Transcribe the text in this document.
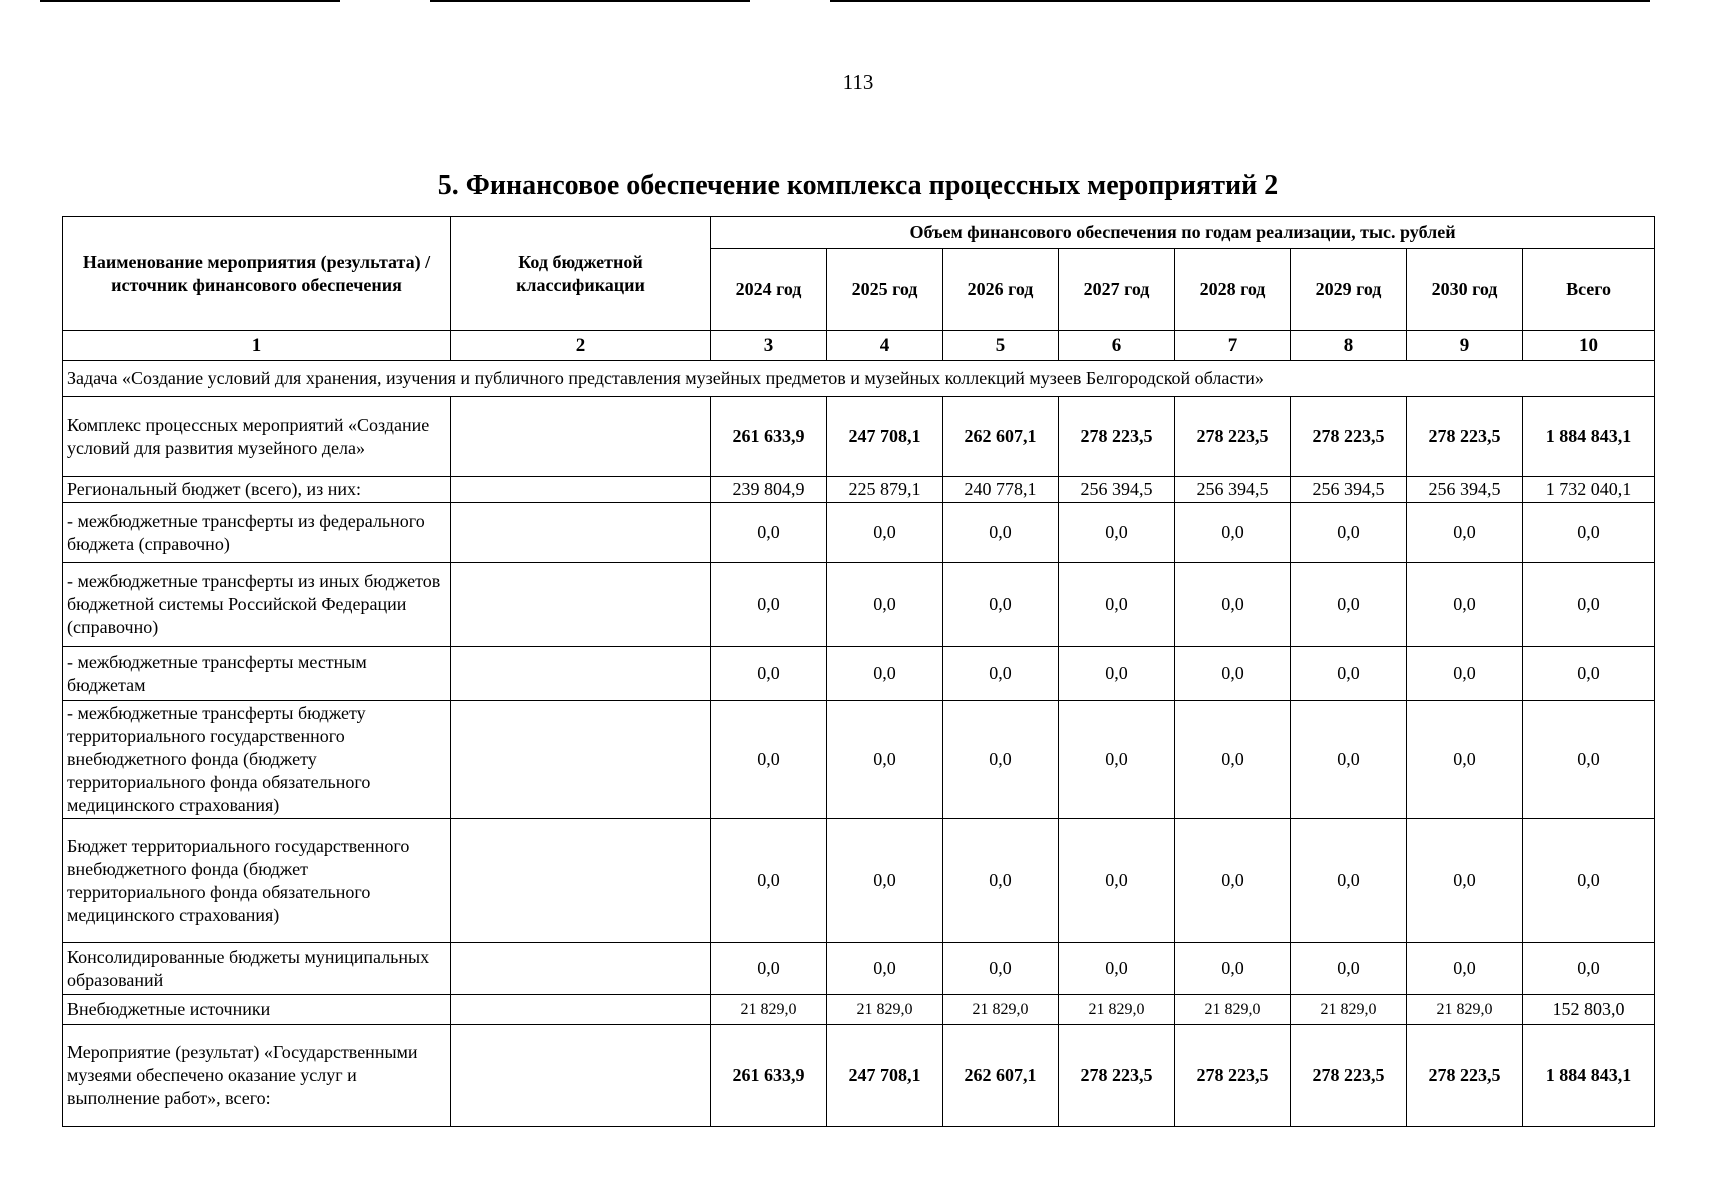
113
5. Финансовое обеспечение комплекса процессных мероприятий 2
Наименование мероприятия (результата) / источник финансового обеспечения	Код бюджетной классификации	Объем финансового обеспечения по годам реализации, тыс. рублей							
		2024 год	2025 год	2026 год	2027 год	2028 год	2029 год	2030 год	Всего
1	2	3	4	5	6	7	8	9	10
Задача «Создание условий для хранения, изучения и публичного представления музейных предметов и музейных коллекций музеев Белгородской области»									
Комплекс процессных мероприятий «Создание условий для развития музейного дела»		261 633,9	247 708,1	262 607,1	278 223,5	278 223,5	278 223,5	278 223,5	1 884 843,1
Региональный бюджет (всего), из них:		239 804,9	225 879,1	240 778,1	256 394,5	256 394,5	256 394,5	256 394,5	1 732 040,1
- межбюджетные трансферты из федерального бюджета (справочно)		0,0	0,0	0,0	0,0	0,0	0,0	0,0	0,0
- межбюджетные трансферты из иных бюджетов бюджетной системы Российской Федерации (справочно)		0,0	0,0	0,0	0,0	0,0	0,0	0,0	0,0
- межбюджетные трансферты местным бюджетам		0,0	0,0	0,0	0,0	0,0	0,0	0,0	0,0
- межбюджетные трансферты бюджету территориального государственного внебюджетного фонда (бюджету территориального фонда обязательного медицинского страхования)		0,0	0,0	0,0	0,0	0,0	0,0	0,0	0,0
Бюджет территориального государственного внебюджетного фонда (бюджет территориального фонда обязательного медицинского страхования)		0,0	0,0	0,0	0,0	0,0	0,0	0,0	0,0
Консолидированные бюджеты муниципальных образований		0,0	0,0	0,0	0,0	0,0	0,0	0,0	0,0
Внебюджетные источники		21 829,0	21 829,0	21 829,0	21 829,0	21 829,0	21 829,0	21 829,0	152 803,0
Мероприятие (результат) «Государственными музеями обеспечено оказание услуг и выполнение работ», всего:		261 633,9	247 708,1	262 607,1	278 223,5	278 223,5	278 223,5	278 223,5	1 884 843,1
